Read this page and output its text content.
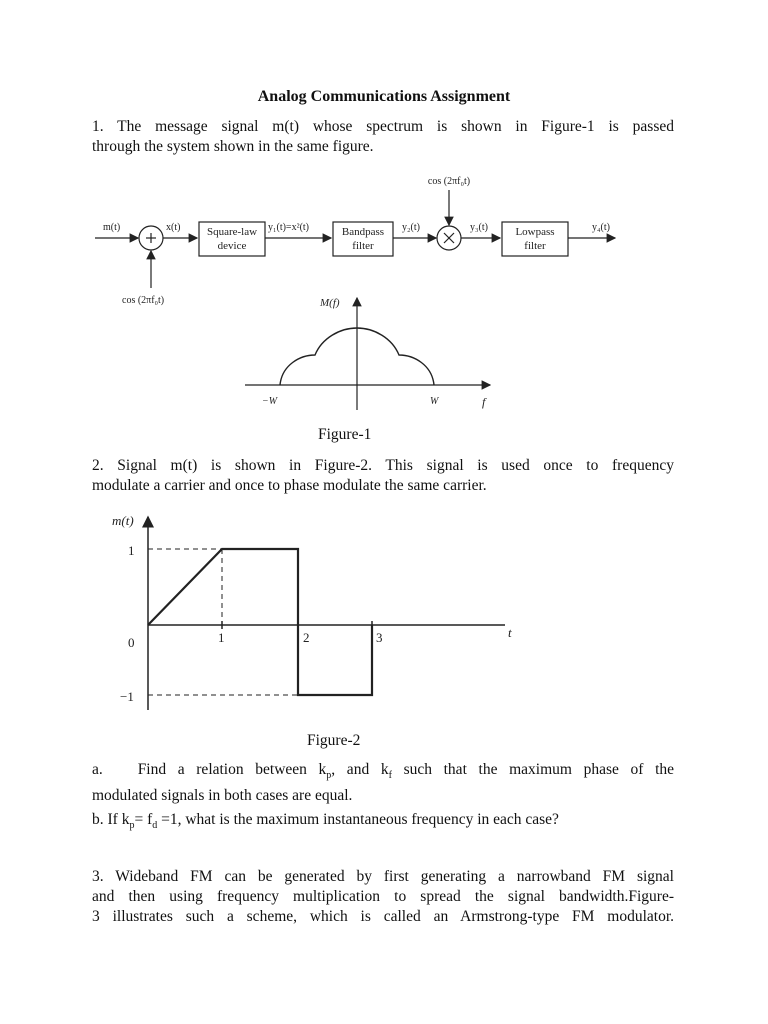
Analog Communications Assignment
1. The message signal m(t) whose spectrum is shown in Figure-1 is passed
through the system shown in the same figure.
m(t)	x(t) Square-law
device
y₁(t)=x²(t)	Bandpass
filter
y₂(t)	y₃(t)	Lowpass
filter
y₄(t)
cos (2πf₀t)
cos (2πf₀t)	M(f)
−W	W	f
Figure-1
2. Signal m(t) is shown in Figure-2. This signal is used once to frequency
modulate a carrier and once to phase modulate the same carrier.
m(t)
1
0
−1
1	2	3	t
Figure-2
a. Find a relation between $k_p$, and $k_f$ such that the maximum phase of the
modulated signals in both cases are equal.
b. If $k_p= f_d =1$, what is the maximum instantaneous frequency in each case?
3. Wideband FM can be generated by first generating a narrowband FM signal
and then using frequency multiplication to spread the signal bandwidth.Figure-
3 illustrates such a scheme, which is called an Armstrong-type FM modulator.
